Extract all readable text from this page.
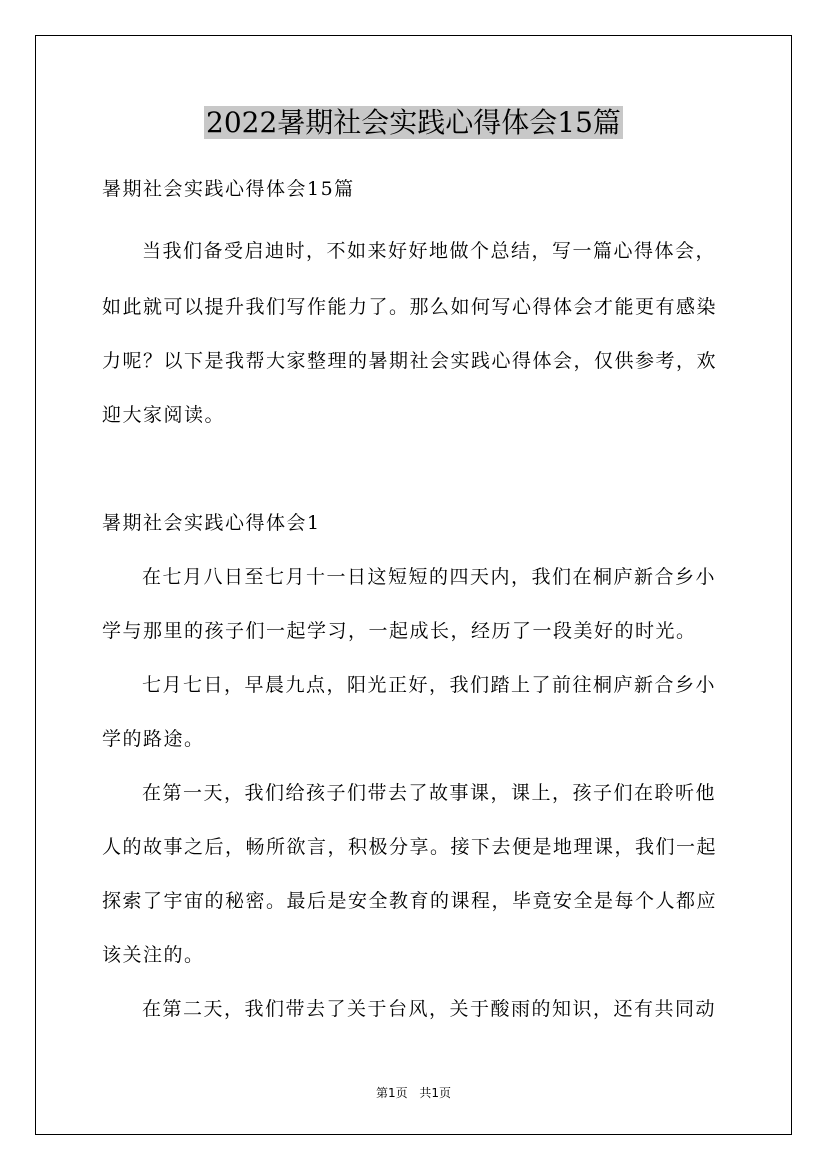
2022暑期社会实践心得体会15篇
暑期社会实践心得体会15篇
当我们备受启迪时，不如来好好地做个总结，写一篇心得体会，
如此就可以提升我们写作能力了。那么如何写心得体会才能更有感染
力呢？以下是我帮大家整理的暑期社会实践心得体会，仅供参考，欢
迎大家阅读。
暑期社会实践心得体会1
在七月八日至七月十一日这短短的四天内，我们在桐庐新合乡小
学与那里的孩子们一起学习，一起成长，经历了一段美好的时光。
七月七日，早晨九点，阳光正好，我们踏上了前往桐庐新合乡小
学的路途。
在第一天，我们给孩子们带去了故事课，课上，孩子们在聆听他
人的故事之后，畅所欲言，积极分享。接下去便是地理课，我们一起
探索了宇宙的秘密。最后是安全教育的课程，毕竟安全是每个人都应
该关注的。
在第二天，我们带去了关于台风，关于酸雨的知识，还有共同动
第1页 共1页
